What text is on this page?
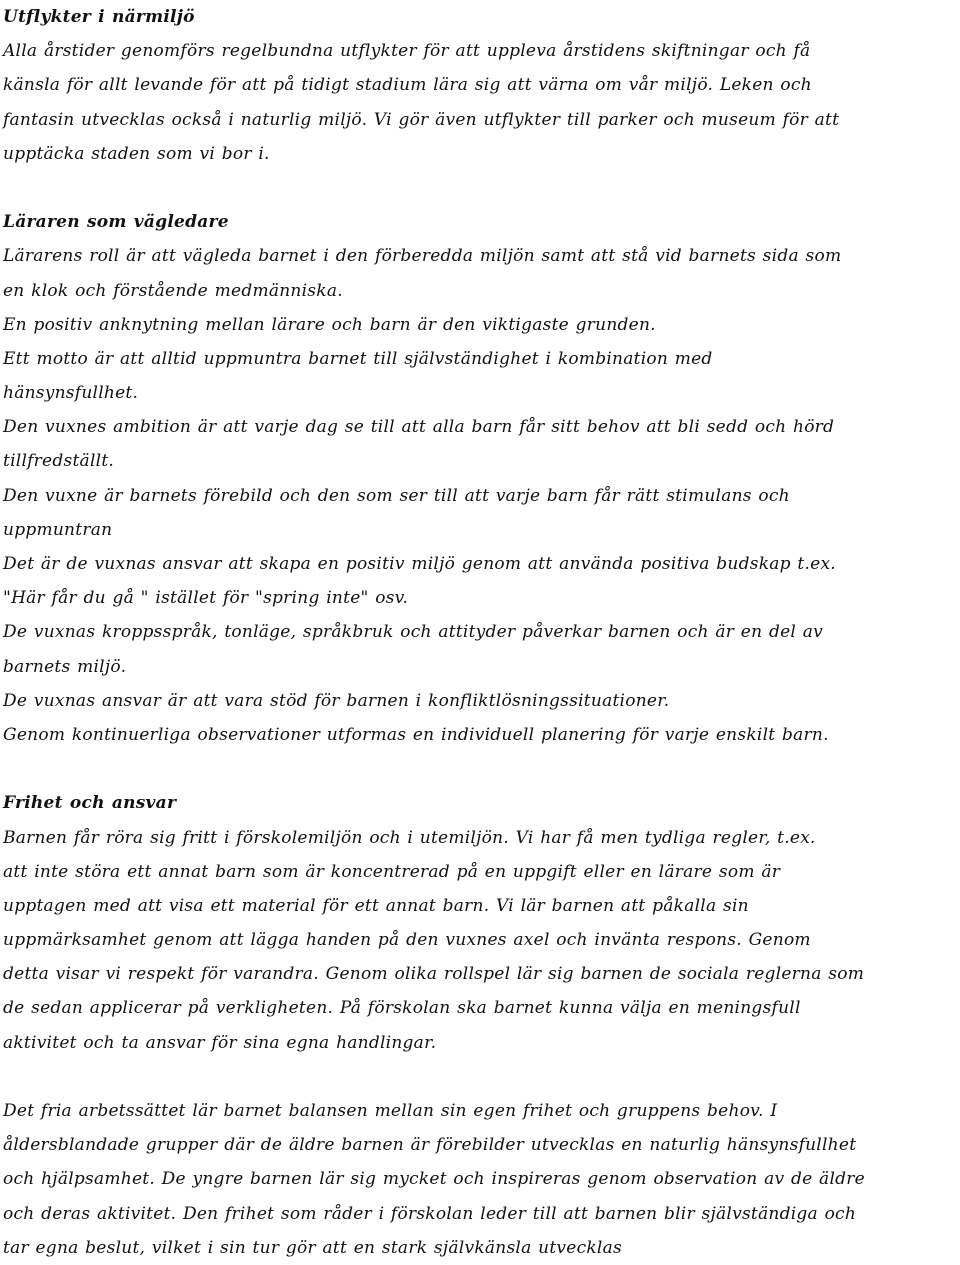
Utflykter i närmiljö
Alla årstider genomförs regelbundna utflykter för att uppleva årstidens skiftningar och få
känsla för allt levande för att på tidigt stadium lära sig att värna om vår miljö. Leken och
fantasin utvecklas också i naturlig miljö. Vi gör även utflykter till parker och museum för att
upptäcka staden som vi bor i.
Läraren som vägledare
Lärarens roll är att vägleda barnet i den förberedda miljön samt att stå vid barnets sida som
en klok och förstående medmänniska.
En positiv anknytning mellan lärare och barn är den viktigaste grunden.
Ett motto är att alltid uppmuntra barnet till självständighet i kombination med
hänsynsfullhet.
Den vuxnes ambition är att varje dag se till att alla barn får sitt behov att bli sedd och hörd
tillfredställt.
Den vuxne är barnets förebild och den som ser till att varje barn får rätt stimulans och
uppmuntran
Det är de vuxnas ansvar att skapa en positiv miljö genom att använda positiva budskap t.ex.
"Här får du gå " istället för "spring inte" osv.
De vuxnas kroppsspråk, tonläge, språkbruk och attityder påverkar barnen och är en del av
barnets miljö.
De vuxnas ansvar är att vara stöd för barnen i konfliktlösningssituationer.
Genom kontinuerliga observationer utformas en individuell planering för varje enskilt barn.
Frihet och ansvar
Barnen får röra sig fritt i förskolemiljön och i utemiljön. Vi har få men tydliga regler, t.ex.
att inte störa ett annat barn som är koncentrerad på en uppgift eller en lärare som är
upptagen med att visa ett material för ett annat barn. Vi lär barnen att påkalla sin
uppmärksamhet genom att lägga handen på den vuxnes axel och invänta respons. Genom
detta visar vi respekt för varandra. Genom olika rollspel lär sig barnen de sociala reglerna som
de sedan applicerar på verkligheten. På förskolan ska barnet kunna välja en meningsfull
aktivitet och ta ansvar för sina egna handlingar.
Det fria arbetssättet lär barnet balansen mellan sin egen frihet och gruppens behov. I
åldersblandade grupper där de äldre barnen är förebilder utvecklas en naturlig hänsynsfullhet
och hjälpsamhet. De yngre barnen lär sig mycket och inspireras genom observation av de äldre
och deras aktivitet. Den frihet som råder i förskolan leder till att barnen blir självständiga och
tar egna beslut, vilket i sin tur gör att en stark självkänsla utvecklas
